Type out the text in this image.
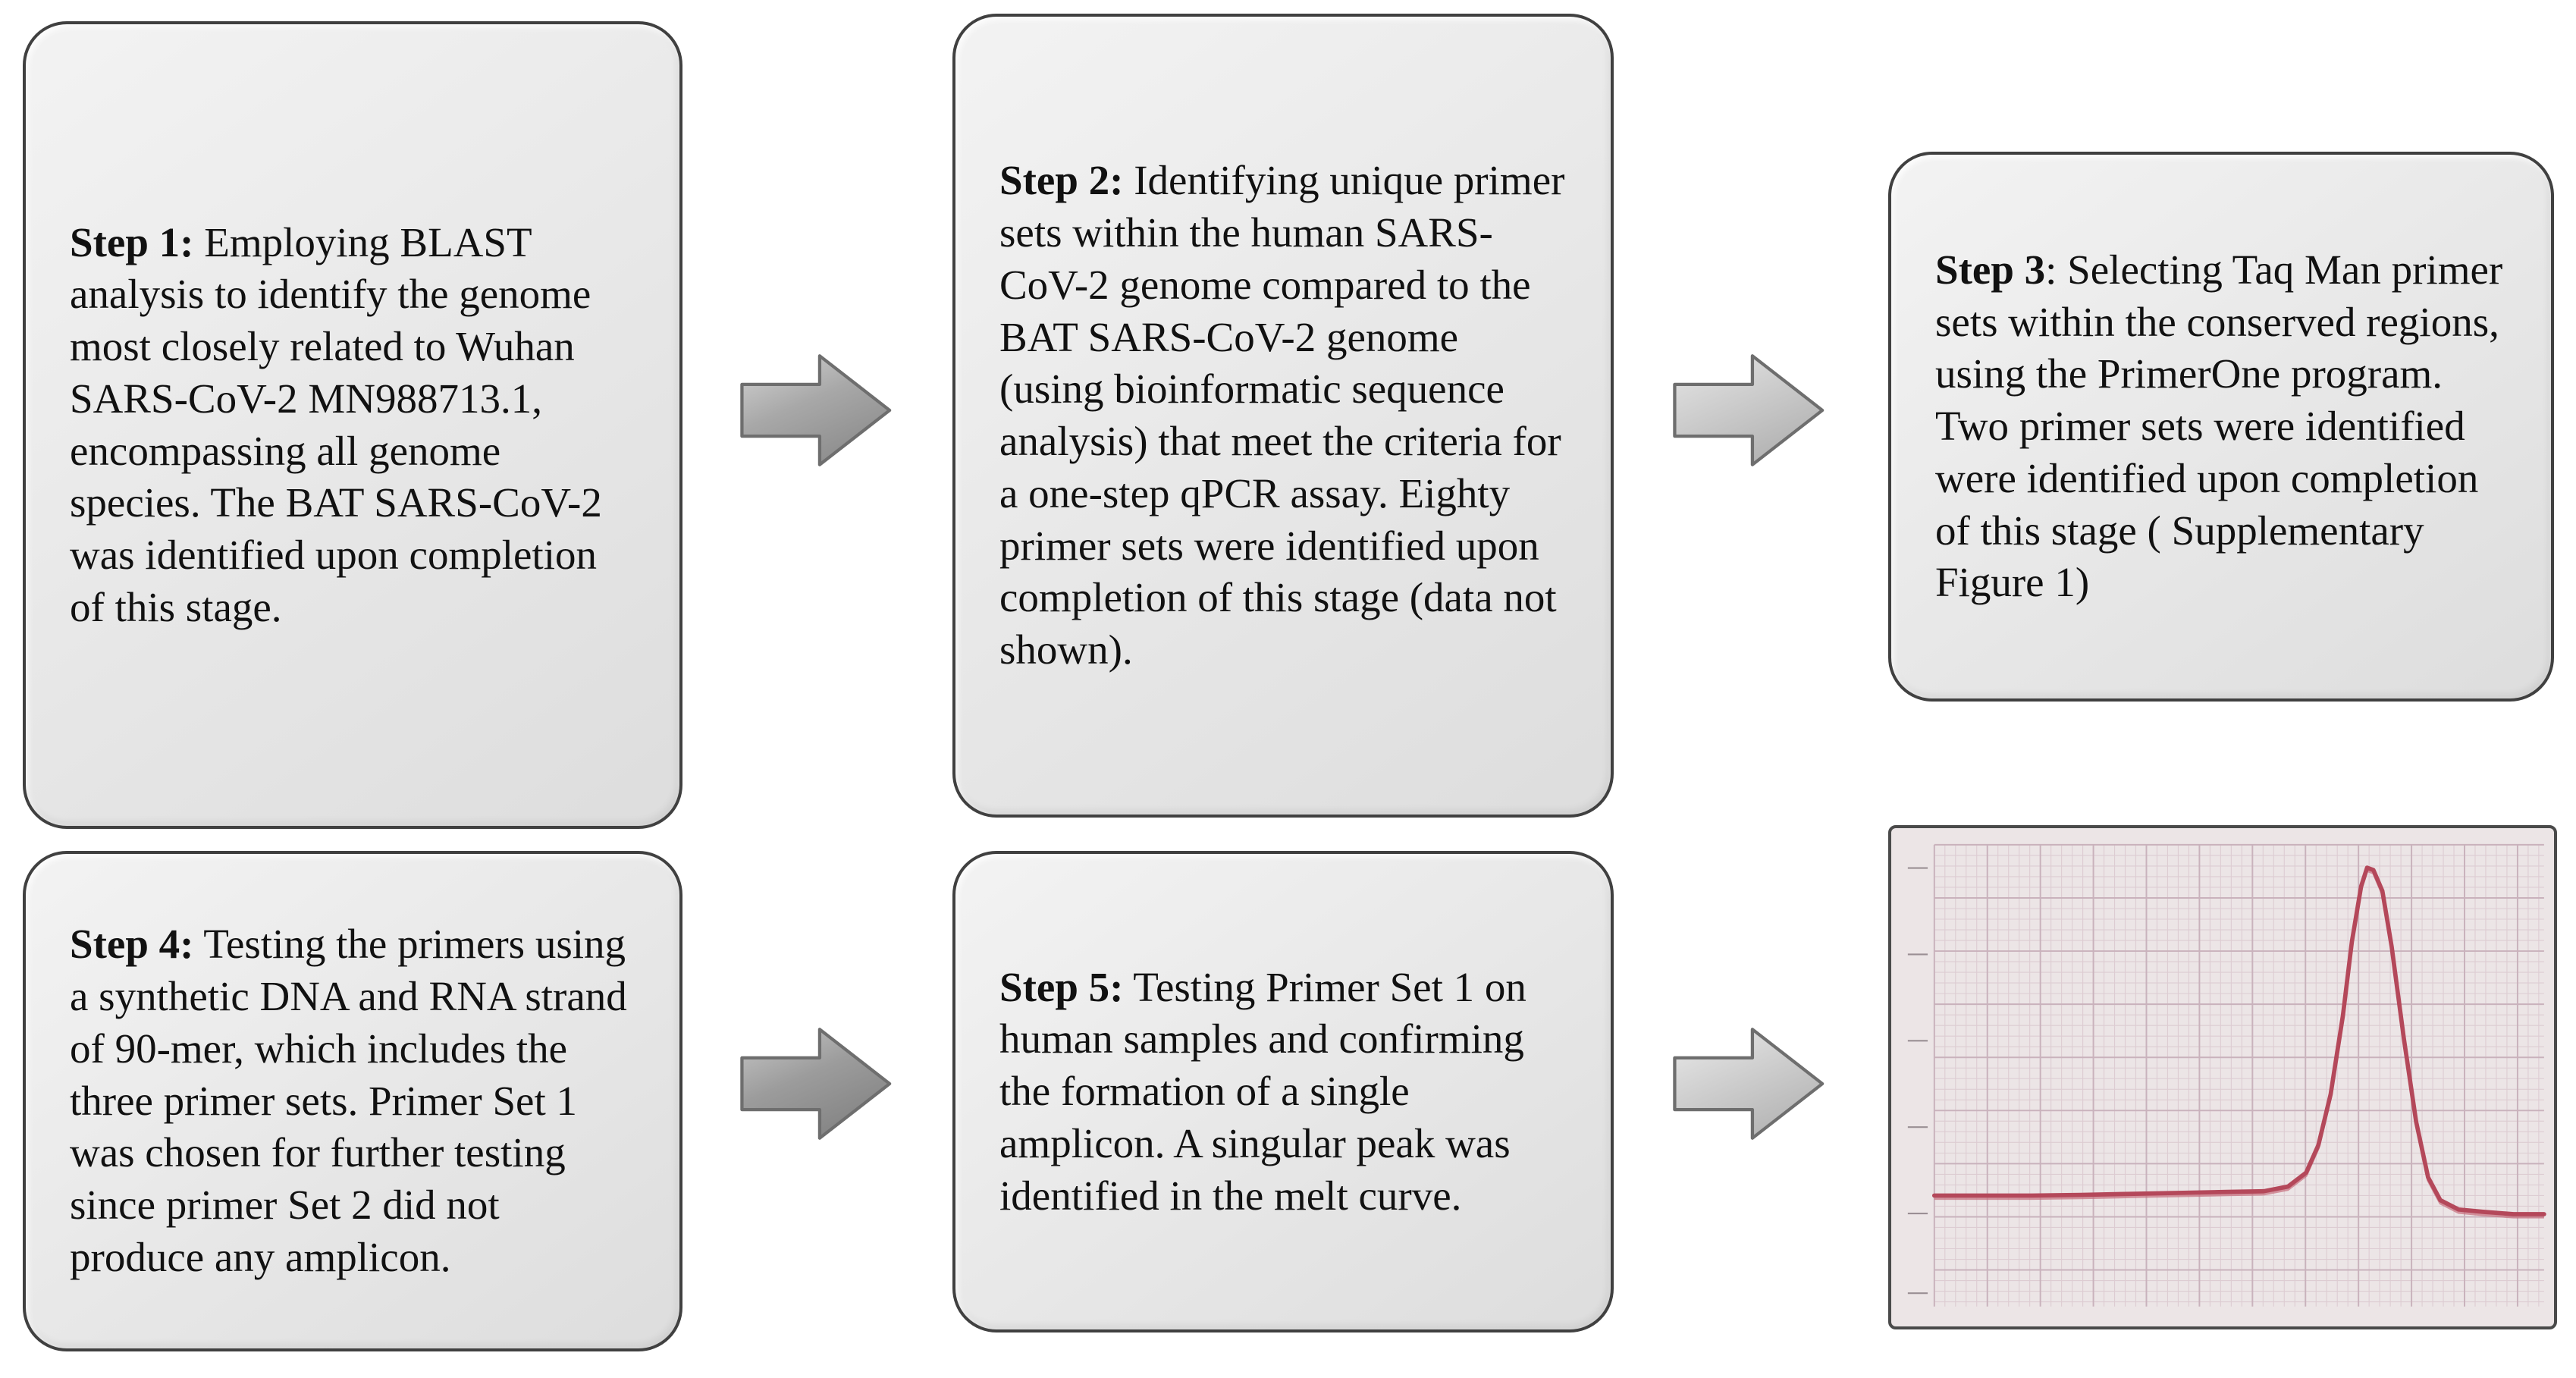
Step 1: Employing BLAST analysis to identify the genome most closely related to Wuhan SARS-CoV-2 MN988713.1, encompassing all genome species. The BAT SARS-CoV-2 was identified upon completion of this stage.

Step 2: Identifying unique primer sets within the human SARS-CoV-2 genome compared to the BAT SARS-CoV-2 genome (using bioinformatic sequence analysis) that meet the criteria for a one-step qPCR assay. Eighty primer sets were identified upon completion of this stage (data not shown).

Step 3: Selecting Taq Man primer sets within the conserved regions, using the PrimerOne program. Two primer sets were identified were identified upon completion of this stage ( Supplementary Figure 1)

Step 4: Testing the primers using a synthetic DNA and RNA strand of 90-mer, which includes the three primer sets. Primer Set 1 was chosen for further testing since primer Set 2 did not produce any amplicon.

Step 5: Testing Primer Set 1 on human samples and confirming the formation of a single amplicon. A singular peak was identified in the melt curve.
